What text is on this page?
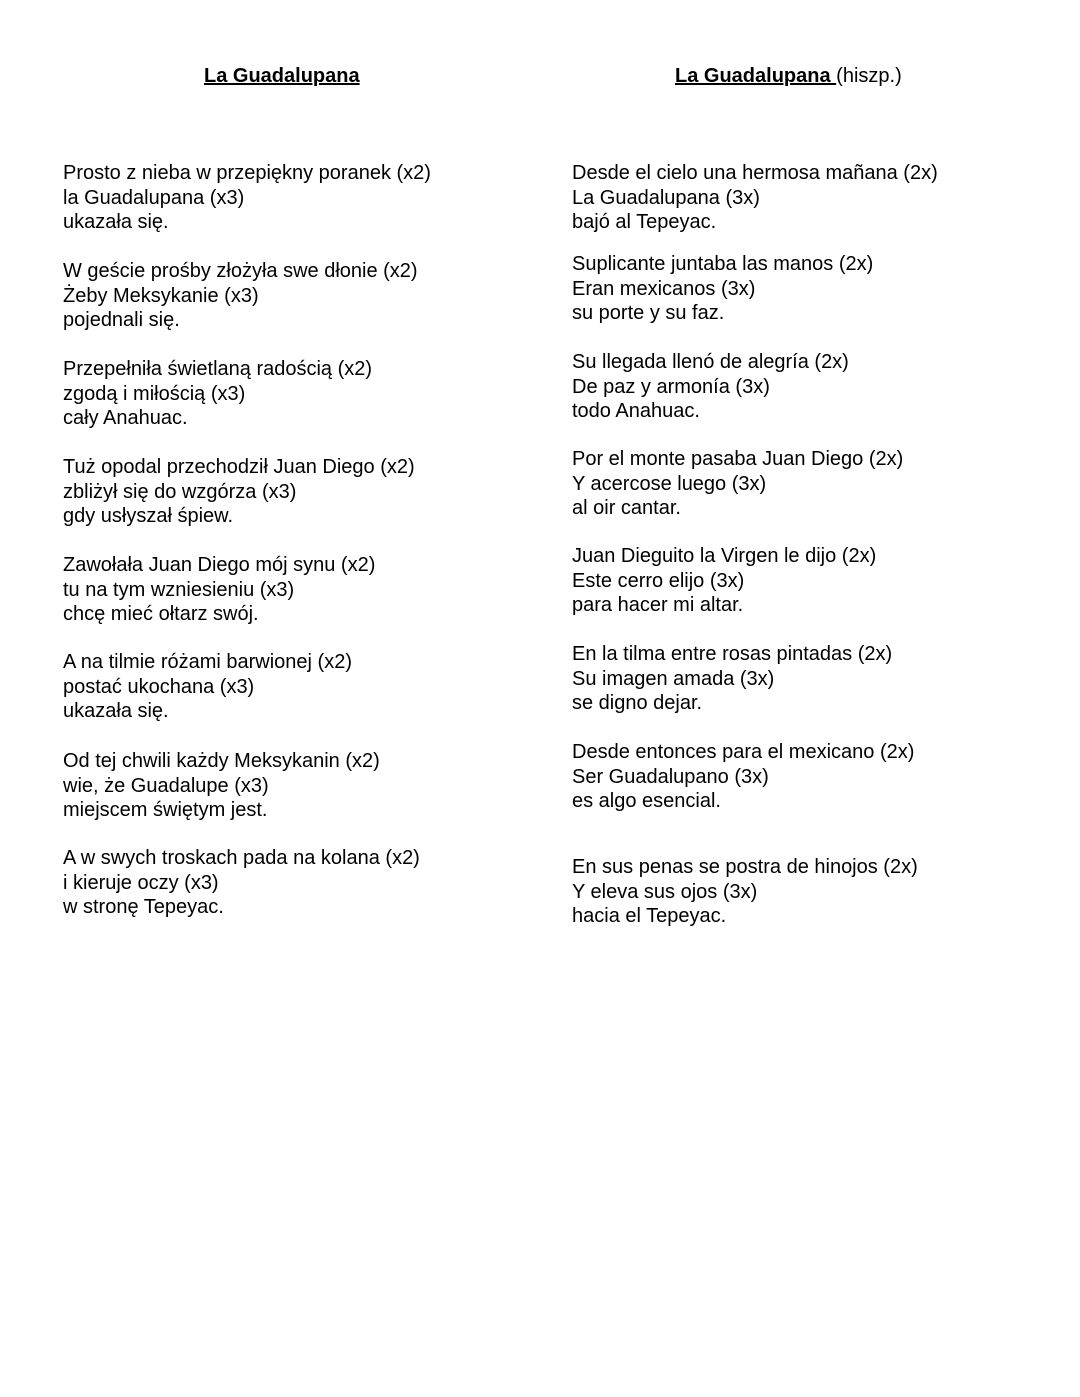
La Guadalupana
Prosto z nieba w przepiękny poranek (x2)
la Guadalupana (x3)
ukazała się.
W geście prośby złożyła swe dłonie (x2)
Żeby Meksykanie (x3)
pojednali się.
Przepełniła świetlaną radością (x2)
zgodą i miłością (x3)
cały Anahuac.
Tuż opodal przechodził Juan Diego (x2)
zbliżył się do wzgórza (x3)
gdy usłyszał śpiew.
Zawołała Juan Diego mój synu (x2)
tu na tym wzniesieniu (x3)
chcę mieć ołtarz swój.
A na tilmie różami barwionej (x2)
postać ukochana (x3)
ukazała się.
Od tej chwili każdy Meksykanin (x2)
wie, że Guadalupe (x3)
miejscem świętym jest.
A w swych troskach pada na kolana (x2)
i kieruje oczy (x3)
w stronę Tepeyac.
La Guadalupana (hiszp.)
Desde el cielo una hermosa mañana (2x)
La Guadalupana (3x)
bajó al Tepeyac.
Suplicante juntaba las manos (2x)
Eran mexicanos (3x)
su porte y su faz.
Su llegada llenó de alegría (2x)
De paz y armonía (3x)
todo Anahuac.
Por el monte pasaba Juan Diego (2x)
Y acercose luego (3x)
al oir cantar.
Juan Dieguito la Virgen le dijo (2x)
Este cerro elijo (3x)
para hacer mi altar.
En la tilma entre rosas pintadas (2x)
Su imagen amada (3x)
se digno dejar.
Desde entonces para el mexicano (2x)
Ser Guadalupano (3x)
es algo esencial.
En sus penas se postra de hinojos (2x)
Y eleva sus ojos (3x)
hacia el Tepeyac.
